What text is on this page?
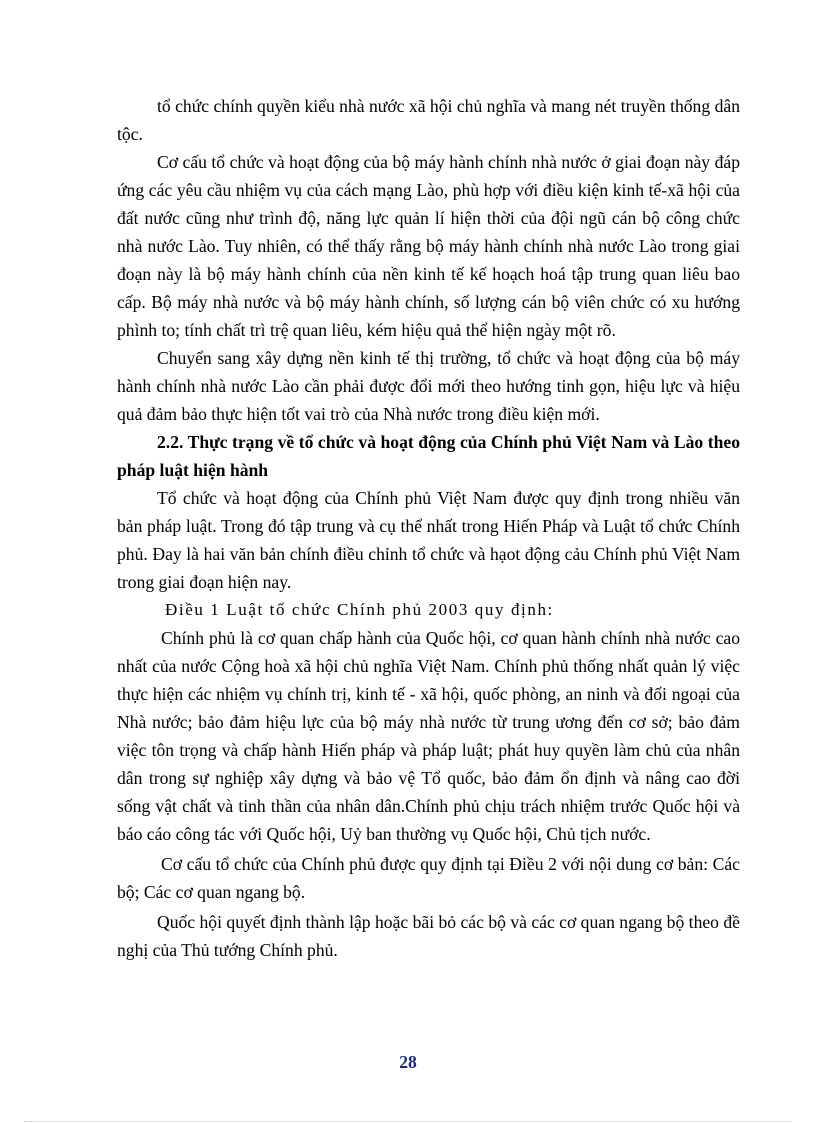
tổ chức chính quyền kiểu nhà nước xã hội chủ nghĩa và mang nét truyền thống dân tộc.

Cơ cấu tổ chức và hoạt động của bộ máy hành chính nhà nước ở giai đoạn này đáp ứng các yêu cầu nhiệm vụ của cách mạng Lào, phù hợp với điều kiện kinh tế-xã hội của đất nước cũng như trình độ, năng lực quản lí hiện thời của đội ngũ cán bộ công chức nhà nước Lào. Tuy nhiên, có thể thấy rằng bộ máy hành chính nhà nước Lào trong giai đoạn này là bộ máy hành chính của nền kinh tế kế hoạch hoá tập trung quan liêu bao cấp. Bộ máy nhà nước và bộ máy hành chính, số lượng cán bộ viên chức có xu hướng phình to; tính chất trì trệ quan liêu, kém hiệu quả thể hiện ngày một rõ.

Chuyển sang xây dựng nền kinh tế thị trường, tổ chức và hoạt động của bộ máy hành chính nhà nước Lào cần phải được đổi mới theo hướng tinh gọn, hiệu lực và hiệu quả đảm bảo thực hiện tốt vai trò của Nhà nước trong điều kiện mới.

2.2. Thực trạng về tổ chức và hoạt động của Chính phủ Việt Nam và Lào theo pháp luật hiện hành

Tổ chức và hoạt động của Chính phủ Việt Nam được quy định trong nhiều văn bản pháp luật. Trong đó tập trung và cụ thể nhất trong Hiến Pháp và Luật tổ chức Chính phủ. Đay là hai văn bản chính điều chỉnh tổ chức và hạot động cảu Chính phủ Việt Nam trong giai đoạn hiện nay.

Điều 1 Luật tổ chức Chính phủ 2003 quy định:

Chính phủ là cơ quan chấp hành của Quốc hội, cơ quan hành chính nhà nước cao nhất của nước Cộng hoà xã hội chủ nghĩa Việt Nam. Chính phủ thống nhất quản lý việc thực hiện các nhiệm vụ chính trị, kinh tế - xã hội, quốc phòng, an ninh và đối ngoại của Nhà nước; bảo đảm hiệu lực của bộ máy nhà nước từ trung ương đến cơ sở; bảo đảm việc tôn trọng và chấp hành Hiến pháp và pháp luật; phát huy quyền làm chủ của nhân dân trong sự nghiệp xây dựng và bảo vệ Tổ quốc, bảo đảm ổn định và nâng cao đời sống vật chất và tinh thần của nhân dân.Chính phủ chịu trách nhiệm trước Quốc hội và báo cáo công tác với Quốc hội, Uỷ ban thường vụ Quốc hội, Chủ tịch nước.

Cơ cấu tổ chức của Chính phủ được quy định tại Điều 2 với nội dung cơ bản: Các bộ; Các cơ quan ngang bộ.

Quốc hội quyết định thành lập hoặc bãi bỏ các bộ và các cơ quan ngang bộ theo đề nghị của Thủ tướng Chính phủ.

28
